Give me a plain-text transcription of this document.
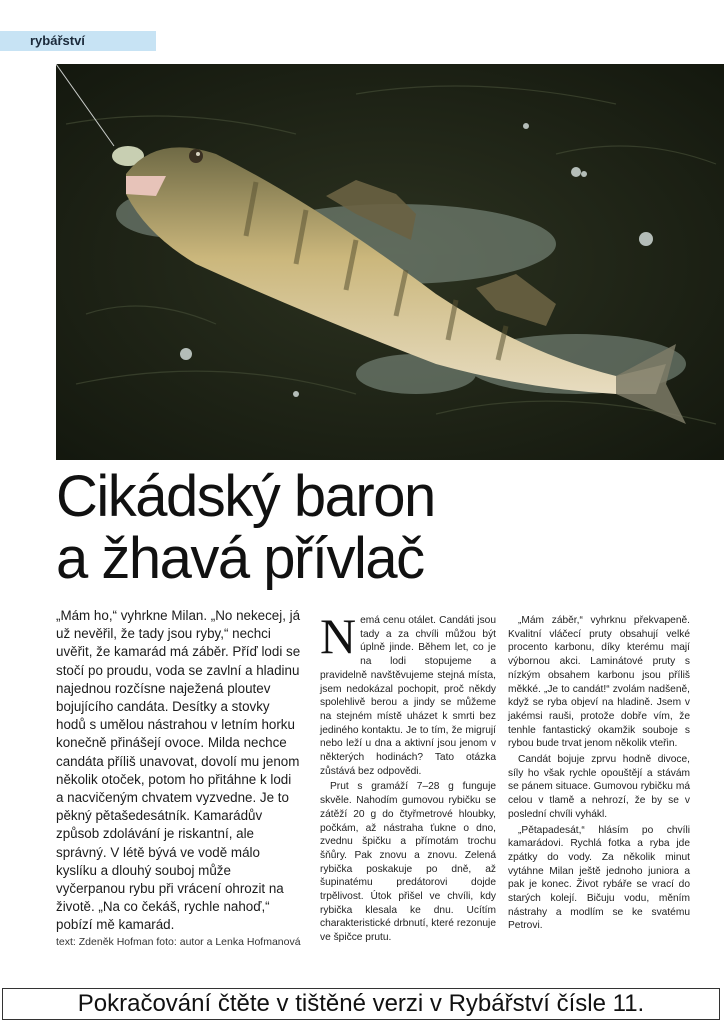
rybářství
Cikádský baron
a žhavá přívlač

„Mám ho,“ vyhrkne Milan. „No nekecej, já už nevěřil, že tady jsou ryby,“ nechci uvěřit, že kamarád má záběr. Příď lodi se stočí po proudu, voda se zavlní a hladinu najednou rozčísne naježená ploutev bojujícího candáta. Desítky a stovky hodů s umělou nástrahou v letním horku konečně přinášejí ovoce. Milda nechce candáta příliš unavovat, dovolí mu jenom několik otoček, potom ho přitáhne k lodi a nacvičeným chvatem vyzvedne. Je to pěkný pětašedesátník. Kamarádův způsob zdolávání je riskantní, ale správný. V létě bývá ve vodě málo kyslíku a dlouhý souboj může vyčerpanou rybu při vrácení ohrozit na životě. „Na co čekáš, rychle nahoď,“ pobízí mě kamarád.

text: Zdeněk Hofman foto: autor a Lenka Hofmanová

Nemá cenu otálet. Candáti jsou tady a za chvíli můžou být úplně jinde. Během let, co je na lodi stopujeme a pravidelně navštěvujeme stejná místa, jsem nedokázal pochopit, proč někdy spolehlivě berou a jindy se můžeme na stejném místě uházet k smrti bez jediného kontaktu. Je to tím, že migrují nebo leží u dna a aktivní jsou jenom v některých hodinách? Tato otázka zůstává bez odpovědi.

Prut s gramáží 7–28 g funguje skvěle. Nahodím gumovou rybičku se zátěží 20 g do čtyřmetrové hloubky, počkám, až nástraha ťukne o dno, zvednu špičku a přímotám trochu šňůry. Pak znovu a znovu. Zelená rybička poskakuje po dně, až šupinatému predátorovi dojde trpělivost. Útok přišel ve chvíli, kdy rybička klesala ke dnu. Ucítím charakteristické drbnutí, které rezonuje ve špičce prutu.

„Mám záběr,“ vyhrknu překvapeně. Kvalitní vláčecí pruty obsahují velké procento karbonu, díky kterému mají výbornou akci. Laminátové pruty s nízkým obsahem karbonu jsou příliš měkké. „Je to candát!“ zvolám nadšeně, když se ryba objeví na hladině. Jsem v jakémsi rauši, protože dobře vím, že tenhle fantastický okamžik souboje s rybou bude trvat jenom několik vteřin.

Candát bojuje zprvu hodně divoce, síly ho však rychle opouštějí a stávám se pánem situace. Gumovou rybičku má celou v tlamě a nehrozí, že by se v poslední chvíli vyhákl.

„Pětapadesát,“ hlásím po chvíli kamarádovi. Rychlá fotka a ryba jde zpátky do vody. Za několik minut vytáhne Milan ještě jednoho juniora a pak je konec. Život rybáře se vrací do starých kolejí. Bičuju vodu, měním nástrahy a modlím se ke svatému Petrovi.

Pokračování čtěte v tištěné verzi v Rybářství čísle 11.
